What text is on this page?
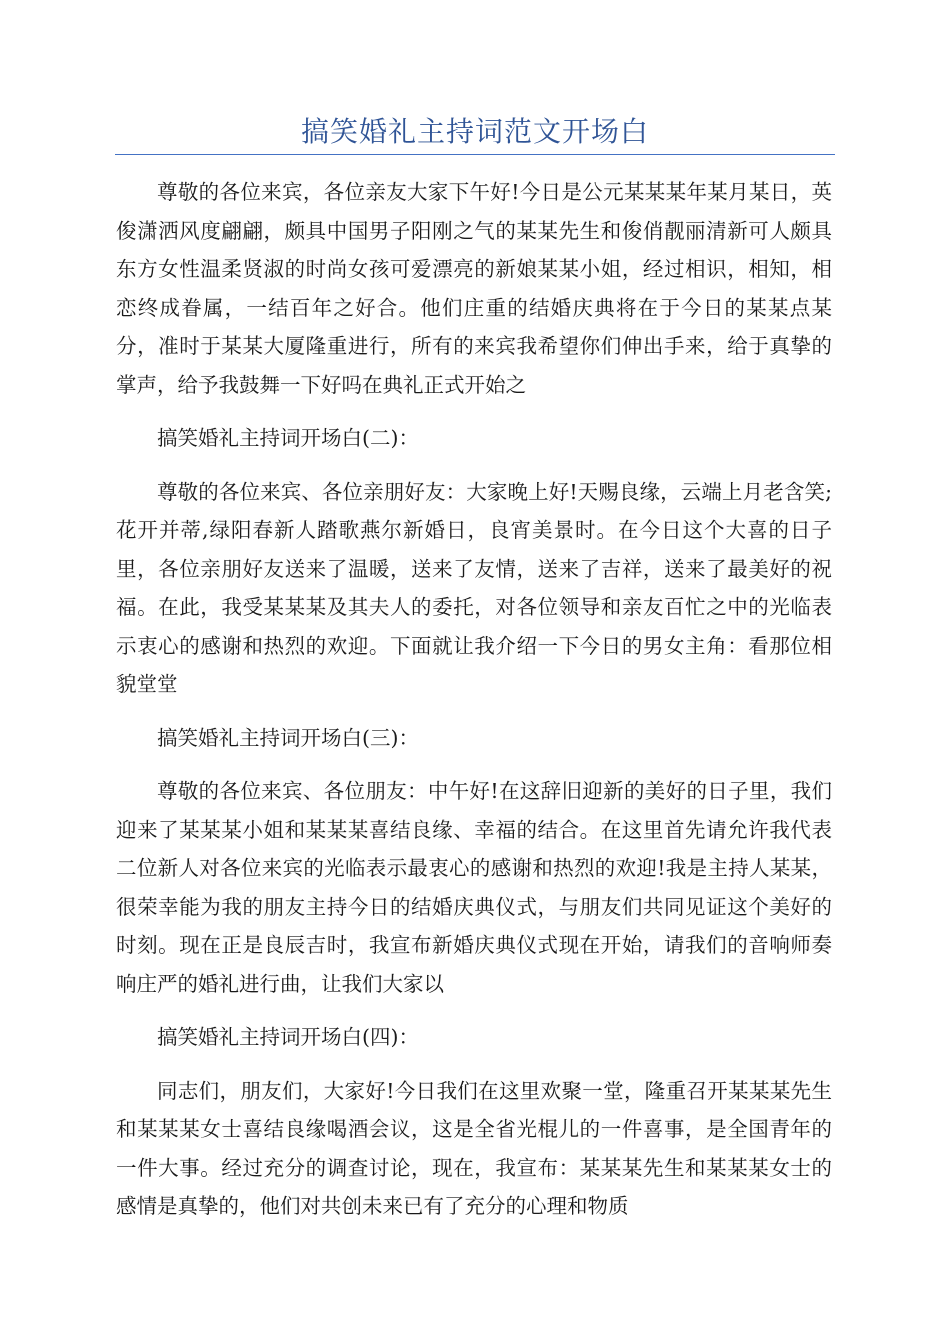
搞笑婚礼主持词范文开场白

尊敬的各位来宾，各位亲友大家下午好!今日是公元某某某年某月某日，英俊潇洒风度翩翩，颇具中国男子阳刚之气的某某先生和俊俏靓丽清新可人颇具东方女性温柔贤淑的时尚女孩可爱漂亮的新娘某某小姐，经过相识，相知，相恋终成眷属，一结百年之好合。他们庄重的结婚庆典将在于今日的某某点某分，准时于某某大厦隆重进行，所有的来宾我希望你们伸出手来，给于真挚的掌声，给予我鼓舞一下好吗在典礼正式开始之

搞笑婚礼主持词开场白(二)：

尊敬的各位来宾、各位亲朋好友：大家晚上好!天赐良缘，云端上月老含笑;花开并蒂,绿阳春新人踏歌燕尔新婚日，良宵美景时。在今日这个大喜的日子里，各位亲朋好友送来了温暖，送来了友情，送来了吉祥，送来了最美好的祝福。在此，我受某某某及其夫人的委托，对各位领导和亲友百忙之中的光临表示衷心的感谢和热烈的欢迎。下面就让我介绍一下今日的男女主角：看那位相貌堂堂

搞笑婚礼主持词开场白(三)：

尊敬的各位来宾、各位朋友：中午好!在这辞旧迎新的美好的日子里，我们迎来了某某某小姐和某某某喜结良缘、幸福的结合。在这里首先请允许我代表二位新人对各位来宾的光临表示最衷心的感谢和热烈的欢迎!我是主持人某某，很荣幸能为我的朋友主持今日的结婚庆典仪式，与朋友们共同见证这个美好的时刻。现在正是良辰吉时，我宣布新婚庆典仪式现在开始，请我们的音响师奏响庄严的婚礼进行曲，让我们大家以

搞笑婚礼主持词开场白(四)：

同志们，朋友们，大家好!今日我们在这里欢聚一堂，隆重召开某某某先生和某某某女士喜结良缘喝酒会议，这是全省光棍儿的一件喜事，是全国青年的一件大事。经过充分的调查讨论，现在，我宣布：某某某先生和某某某女士的感情是真挚的，他们对共创未来已有了充分的心理和物质
